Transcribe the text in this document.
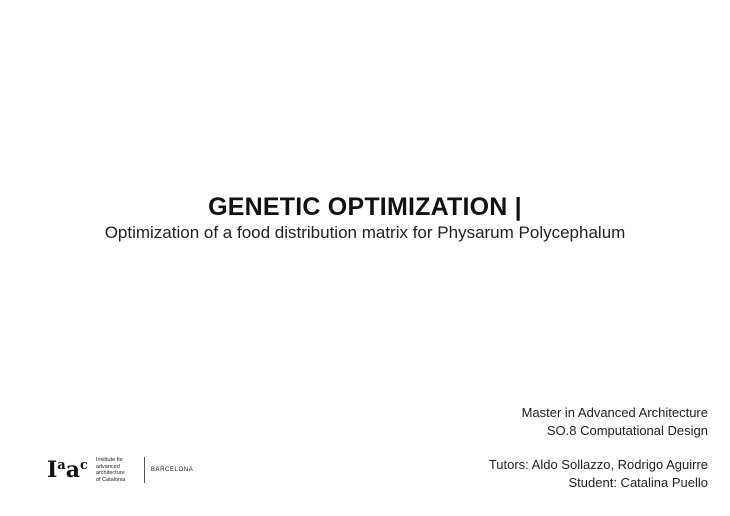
GENETIC OPTIMIZATION |
Optimization of a food distribution matrix for Physarum Polycephalum
I a a c Institute for
advanced
architecture
of Catalonia
BARCELONA
Master in Advanced Architecture
SO.8 Computational Design
Tutors: Aldo Sollazzo, Rodrigo Aguirre
Student: Catalina Puello
